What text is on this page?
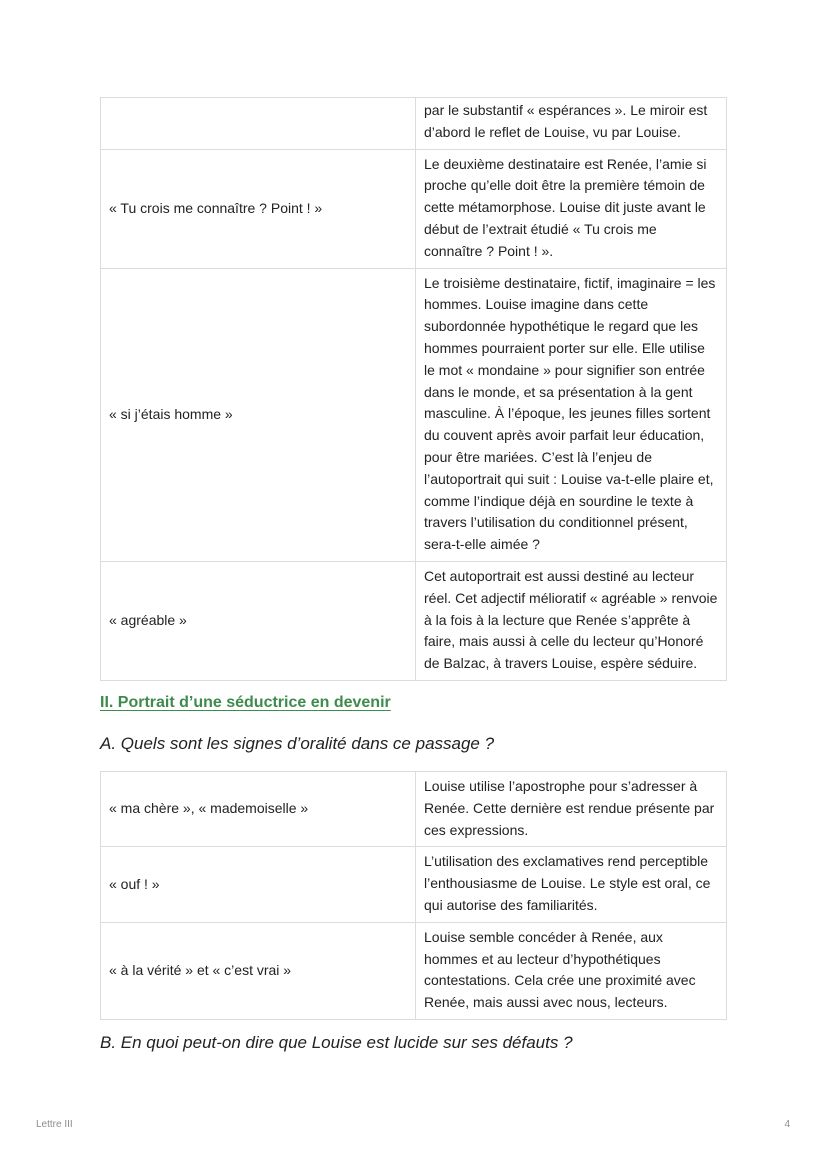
	par le substantif « espérances ». Le miroir est d’abord le reflet de Louise, vu par Louise.
« Tu crois me connaître ? Point ! »	Le deuxième destinataire est Renée, l’amie si proche qu’elle doit être la première témoin de cette métamorphose. Louise dit juste avant le début de l’extrait étudié « Tu crois me connaître ? Point ! ».
« si j’étais homme »	Le troisième destinataire, fictif, imaginaire = les hommes. Louise imagine dans cette subordonnée hypothétique le regard que les hommes pourraient porter sur elle. Elle utilise le mot « mondaine » pour signifier son entrée dans le monde, et sa présentation à la gent masculine. À l’époque, les jeunes filles sortent du couvent après avoir parfait leur éducation, pour être mariées. C’est là l’enjeu de l’autoportrait qui suit : Louise va-t-elle plaire et, comme l’indique déjà en sourdine le texte à travers l’utilisation du conditionnel présent, sera-t-elle aimée ?
« agréable »	Cet autoportrait est aussi destiné au lecteur réel. Cet adjectif mélioratif « agréable » renvoie à la fois à la lecture que Renée s’apprête à faire, mais aussi à celle du lecteur qu’Honoré de Balzac, à travers Louise, espère séduire.
II. Portrait d’une séductrice en devenir
A. Quels sont les signes d’oralité dans ce passage ?
« ma chère », « mademoiselle »	Louise utilise l’apostrophe pour s’adresser à Renée. Cette dernière est rendue présente par ces expressions.
« ouf ! »	L’utilisation des exclamatives rend perceptible l’enthousiasme de Louise. Le style est oral, ce qui autorise des familiarités.
« à la vérité » et « c’est vrai »	Louise semble concéder à Renée, aux hommes et au lecteur d’hypothétiques contestations. Cela crée une proximité avec Renée, mais aussi avec nous, lecteurs.
B. En quoi peut-on dire que Louise est lucide sur ses défauts ?
Lettre III	4
